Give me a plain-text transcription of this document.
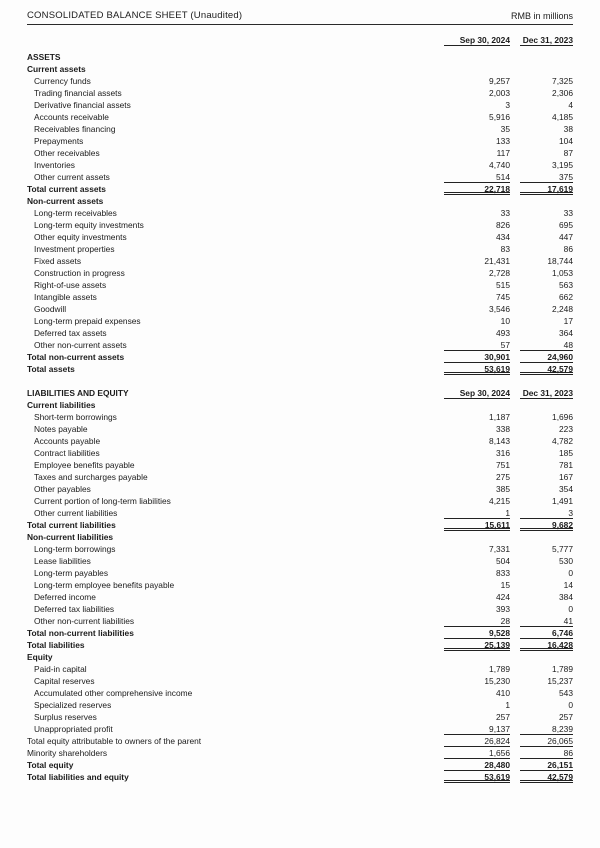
CONSOLIDATED BALANCE SHEET (Unaudited)	RMB in millions
Sep 30, 2024	Dec 31, 2023
ASSETS
Current assets
Currency funds	9,257	7,325
Trading financial assets	2,003	2,306
Derivative financial assets	3	4
Accounts receivable	5,916	4,185
Receivables financing	35	38
Prepayments	133	104
Other receivables	117	87
Inventories	4,740	3,195
Other current assets	514	375
Total current assets	22,718	17,619
Non-current assets
Long-term receivables	33	33
Long-term equity investments	826	695
Other equity investments	434	447
Investment properties	83	86
Fixed assets	21,431	18,744
Construction in progress	2,728	1,053
Right-of-use assets	515	563
Intangible assets	745	662
Goodwill	3,546	2,248
Long-term prepaid expenses	10	17
Deferred tax assets	493	364
Other non-current assets	57	48
Total non-current assets	30,901	24,960
Total assets	53,619	42,579
LIABILITIES AND EQUITY	Sep 30, 2024	Dec 31, 2023
Current liabilities
Short-term borrowings	1,187	1,696
Notes payable	338	223
Accounts payable	8,143	4,782
Contract liabilities	316	185
Employee benefits payable	751	781
Taxes and surcharges payable	275	167
Other payables	385	354
Current portion of long-term liabilities	4,215	1,491
Other current liabilities	1	3
Total current liabilities	15,611	9,682
Non-current liabilities
Long-term borrowings	7,331	5,777
Lease liabilities	504	530
Long-term payables	833	0
Long-term employee benefits payable	15	14
Deferred income	424	384
Deferred tax liabilities	393	0
Other non-current liabilities	28	41
Total non-current liabilities	9,528	6,746
Total liabilities	25,139	16,428
Equity
Paid-in capital	1,789	1,789
Capital reserves	15,230	15,237
Accumulated other comprehensive income	410	543
Specialized reserves	1	0
Surplus reserves	257	257
Unappropriated profit	9,137	8,239
Total equity attributable to owners of the parent	26,824	26,065
Minority shareholders	1,656	86
Total equity	28,480	26,151
Total liabilities and equity	53,619	42,579
